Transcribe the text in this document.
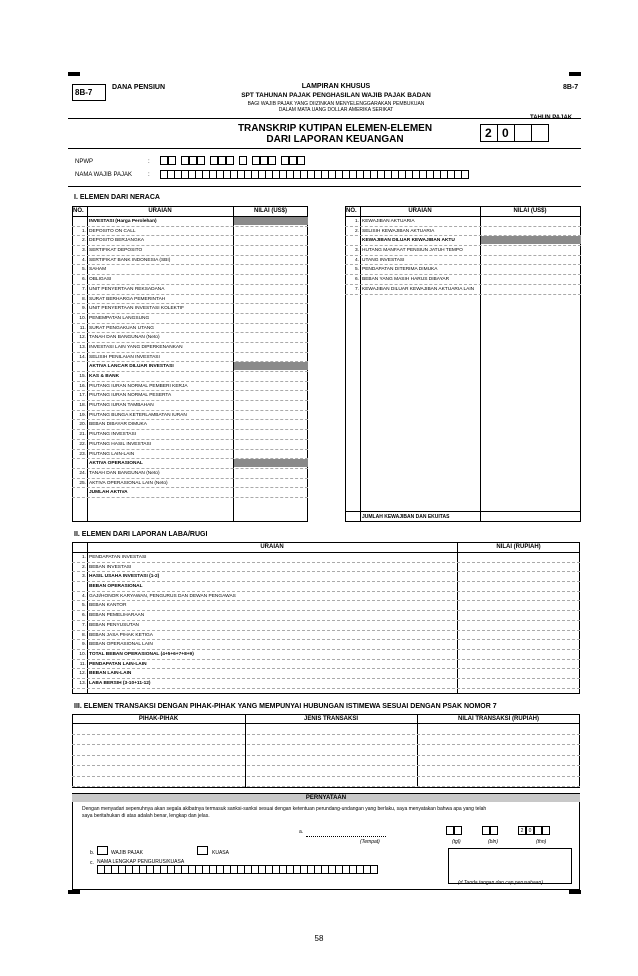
8B-7
DANA PENSIUN	LAMPIRAN KHUSUS
SPT TAHUNAN PAJAK PENGHASILAN WAJIB PAJAK BADAN
BAGI WAJIB PAJAK YANG DIIZINKAN MENYELENGGARAKAN PEMBUKUAN
DALAM MATA UANG DOLLAR AMERIKA SERIKAT
8B-7
TAHUN PAJAK
TRANSKRIP KUTIPAN ELEMEN-ELEMEN
DARI LAPORAN KEUANGAN	2 0
NPWP	:
NAMA WAJIB PAJAK	:
I. ELEMEN DARI NERACA
NO.	URAIAN	NILAI (US$)
INVESTASI (Harga Perolehan)
1. DEPOSITO ON CALL
2. DEPOSITO BERJANGKA
3. SERTIFIKAT DEPOSITO
4. SERTIFIKAT BANK INDONESIA (SBI)
5. SAHAM
6. OBLIGASI
7. UNIT PENYERTAAN REKSADANA
8. SURAT BERHARGA PEMERINTAH
9. UNIT PENYERTAAN INVESTASI KOLEKTIF
10. PENEMPATAN LANGSUNG
11. SURAT PENGAKUAN UTANG
12. TANAH DAN BANGUNAN (Neto)
13. INVESTASI LAIN YANG DIPERKENANKAN
14. SELISIH PENILAIAN INVESTASI
AKTIVA LANCAR DILUAR INVESTASI
15. KAS & BANK
16. PIUTANG IURAN NORMAL PEMBERI KERJA
17. PIUTANG IURAN NORMAL PESERTA
18. PIUTANG IURAN TAMBAHAN
19. PIUTANG BUNGA KETERLAMBATAN IURAN
20. BEBAN DIBAYAR DIMUKA
21. PIUTANG INVESTASI
22. PIUTANG HASIL INVESTASI
23. PIUTANG LAIN-LAIN
AKTIVA OPERASIONAL
24. TANAH DAN BANGUNAN (Neto)
25. AKTIVA OPERASIONAL LAIN (Neto)
JUMLAH AKTIVA
NO.	URAIAN	NILAI (US$)
1. KEWAJIBAN AKTUARIA
2. SELISIH KEWAJIBAN AKTUARIA
KEWAJIBAN DILUAR KEWAJIBAN AKTU
3. HUTANG MANFAAT PENSIUN JATUH TEMPO
4. UTANG INVESTASI
5. PENDAPATAN DITERIMA DIMUKA
6. BEBAN YANG MASIH HARUS DIBAYAR
7. KEWAJIBAN DILUAR KEWAJIBAN AKTUARIA LAIN
JUMLAH KEWAJIBAN DAN EKUITAS
II. ELEMEN DARI LAPORAN LABA/RUGI
URAIAN	NILAI (RUPIAH)
1. PENDAPATAN INVESTASI
2. BEBAN INVESTASI
3. HASIL USAHA INVESTASI (1-2)
BEBAN OPERASIONAL
4. GAJI/HONOR KARYAWAN, PENGURUS DAN DEWAN PENGAWAS
5. BEBAN KANTOR
6. BEBAN PEMELIHARAAN
7. BEBAN PENYUSUTAN
8. BEBAN JASA PIHAK KETIGA
9. BEBAN OPERASIONAL LAIN
10. TOTAL BEBAN OPERASIONAL (4+5+6+7+8+9)
11. PENDAPATAN LAIN-LAIN
12. BEBAN LAIN-LAIN
13. LABA BERSIH (3-10+11-12)
III. ELEMEN TRANSAKSI DENGAN PIHAK-PIHAK YANG MEMPUNYAI HUBUNGAN ISTIMEWA SESUAI DENGAN PSAK NOMOR 7
PIHAK-PIHAK	JENIS TRANSAKSI	NILAI TRANSAKSI (RUPIAH)
PERNYATAAN
Dengan menyadari sepenuhnya akan segala akibatnya termasuk sanksi-sanksi sesuai dengan ketentuan perundang-undangan yang berlaku, saya menyatakan bahwa apa yang telah
saya beritahukan di atas adalah benar, lengkap dan jelas.
a.
(Tempat)	(tgl)	(bln)
2	0
(thn)
b.	WAJIB PAJAK	KUASA
c. NAMA LENGKAP PENGURUS/KUASA
(d Tanda tangan dan cap perusahaan)
58
